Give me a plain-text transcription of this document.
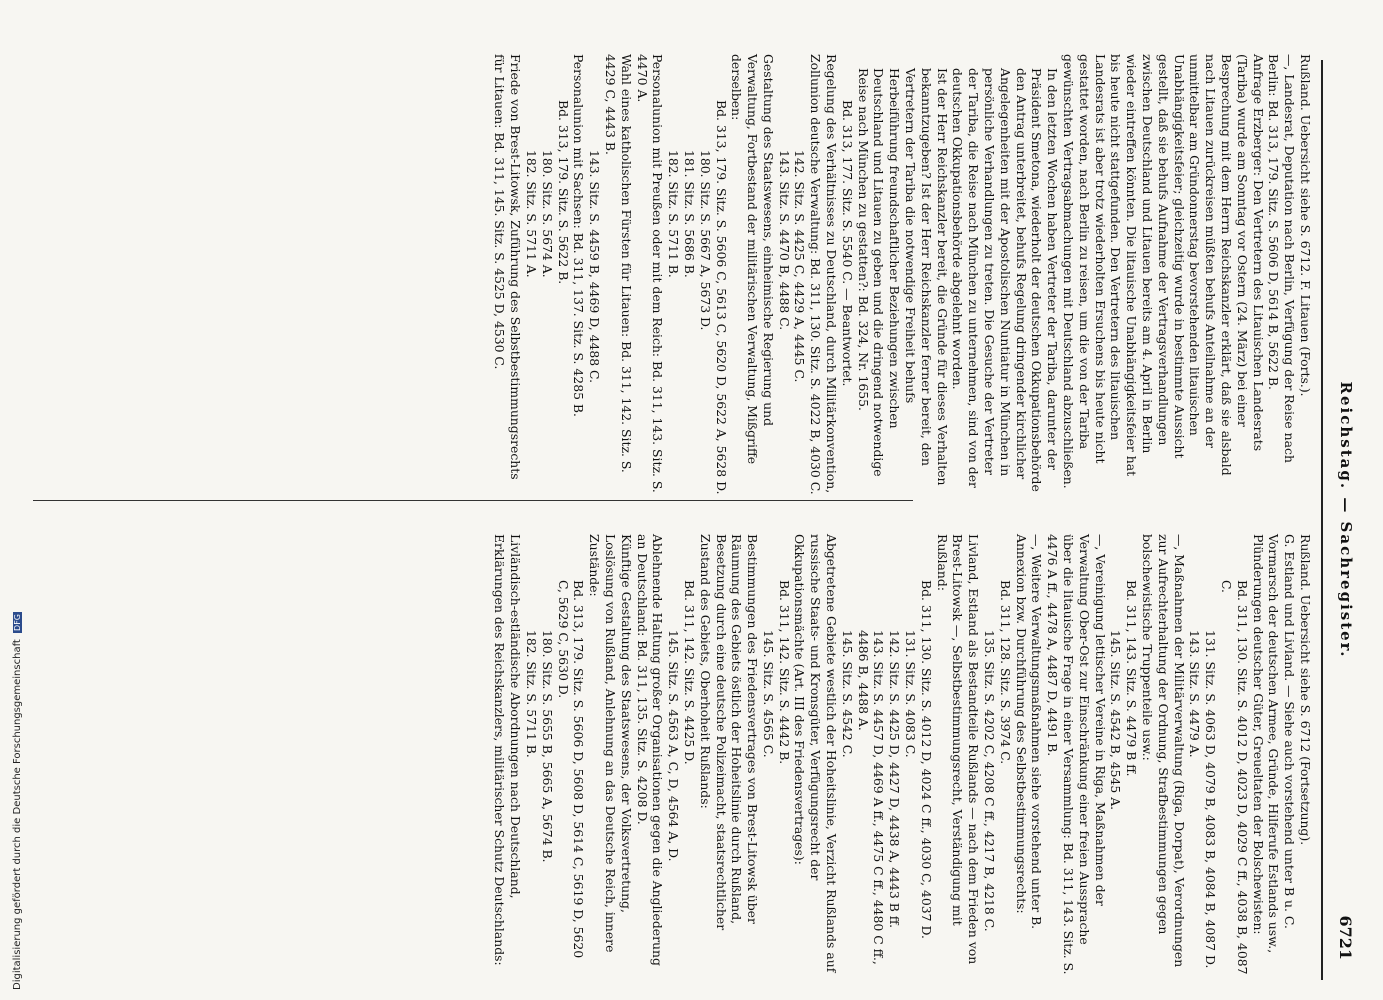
Reichstag. — Sachregister.
6721

Rußland. Uebersicht siehe S. 6712. F. Litauen (Forts.).

—, Landesrat, Deputation nach Berlin, Verfügung der Reise nach Berlin: Bd. 313, 179. Sitz. S. 5606 D, 5614 B, 5622 B.

Anfrage Erzberger: Den Vertretern des Litauischen Landesrats (Tariba) wurde am Sonntag vor Ostern (24. März) bei einer Besprechung mit dem Herrn Reichskanzler erklärt, daß sie alsbald nach Litauen zurückreisen müßten behufs Anteilnahme an der unmittelbar am Gründonnerstag bevorstehenden litauischen Unabhängigkeitsfeier; gleichzeitig wurde in bestimmte Aussicht gestellt, daß sie behufs Aufnahme der Vertragsverhandlungen zwischen Deutschland und Litauen bereits am 4. April in Berlin wieder eintreffen könnten. Die litauische Unabhängigkeitsfeier hat bis heute nicht stattgefunden. Den Vertretern des litauischen Landesrats ist aber trotz wiederholten Ersuchens bis heute nicht gestattet worden, nach Berlin zu reisen, um die von der Tariba gewünschten Vertragsabmachungen mit Deutschland abzuschließen.

In den letzten Wochen haben Vertreter der Tariba, darunter der Präsident Smetona, wiederholt der deutschen Okkupationsbehörde den Antrag unterbreitet, behufs Regelung dringender kirchlicher Angelegenheiten mit der Apostolischen Nuntiatur in München in persönliche Verhandlungen zu treten. Die Gesuche der Vertreter der Tariba, die Reise nach München zu unternehmen, sind von der deutschen Okkupationsbehörde abgelehnt worden.

Ist der Herr Reichskanzler bereit, die Gründe für dieses Verhalten bekanntzugeben? Ist der Herr Reichskanzler ferner bereit, den Vertretern der Tariba die notwendige Freiheit behufs Herbeiführung freundschaftlicher Beziehungen zwischen Deutschland und Litauen zu geben und die dringend notwendige Reise nach München zu gestatten?: Bd. 324, Nr. 1655.

Bd. 313, 177. Sitz. S. 5540 C. — Beantwortet.

Regelung des Verhältnisses zu Deutschland, durch Militärkonvention, Zollunion deutsche Verwaltung: Bd. 311, 130. Sitz. S. 4022 B, 4030 C.

142. Sitz. S. 4425 C, 4429 A, 4445 C.

143. Sitz. S. 4470 B, 4488 C.

Gestaltung des Staatswesens, einheimische Regierung und Verwaltung, Fortbestand der militärischen Verwaltung, Mißgriffe derselben:

Bd. 313, 179. Sitz. S. 5606 C, 5613 C, 5620 D, 5622 A, 5628 D.

180. Sitz. S. 5667 A, 5673 D.

181. Sitz. S. 5686 B.

182. Sitz. S. 5711 B.

Personalunion mit Preußen oder mit dem Reich: Bd. 311, 143. Sitz. S. 4470 A.

Wahl eines katholischen Fürsten für Litauen: Bd. 311, 142. Sitz. S. 4429 C, 4443 B.

143. Sitz. S. 4459 B, 4469 D, 4488 C.

Personalunion mit Sachsen: Bd. 311, 137. Sitz. S. 4285 B.

Bd. 313, 179. Sitz. S. 5622 B.

180. Sitz. S. 5674 A.

182. Sitz. S. 5711 A.

Friede von Brest-Litowsk, Zuführung des Selbstbestimmungsrechts für Litauen: Bd. 311, 145. Sitz. S. 4525 D, 4530 C.

Rußland. Uebersicht siehe S. 6712 (Fortsetzung).

G. Estland und Livland. — Siehe auch vorstehend unter B u. C.

Vormarsch der deutschen Armee, Gründe, Hilferufe Estlands usw., Plünderungen deutscher Güter, Greueltaten der Bolschewisten:

Bd. 311, 130. Sitz. S. 4012 D, 4023 D, 4029 C ff., 4038 B, 4087 C.

131. Sitz. S. 4063 D, 4079 B, 4083 B, 4084 B, 4087 D.

143. Sitz. S. 4479 A.

—, Maßnahmen der Militärverwaltung (Riga, Dorpat), Verordnungen zur Aufrechterhaltung der Ordnung, Strafbestimmungen gegen bolschewistische Truppenteile usw.:

Bd. 311, 143. Sitz. S. 4479 B ff.

145. Sitz. S. 4542 B, 4545 A.

—, Vereinigung lettischer Vereine in Riga, Maßnahmen der Verwaltung Ober-Ost zur Einschränkung einer freien Aussprache über die litauische Frage in einer Versammlung: Bd. 311, 143. Sitz. S. 4476 A ff., 4478 A, 4487 D, 4491 B.

—, Weitere Verwaltungsmaßnahmen siehe vorstehend unter B.

Annexion bzw. Durchführung des Selbstbestimmungsrechts:

Bd. 311, 128. Sitz. S. 3974 C.

135. Sitz. S. 4202 C, 4208 C ff., 4217 B, 4218 C.

Livland, Estland als Bestandteile Rußlands — nach dem Frieden von Brest-Litowsk —, Selbstbestimmungsrecht, Verständigung mit Rußland:

Bd. 311, 130. Sitz. S. 4012 D, 4024 C ff., 4030 C, 4037 D.

131. Sitz. S. 4083 C.

142. Sitz. S. 4425 D, 4427 D, 4438 A, 4443 B ff.

143. Sitz. S. 4457 D, 4469 A ff., 4475 C ff., 4480 C ff., 4486 B, 4488 A.

145. Sitz. S. 4542 C.

Abgetretene Gebiete westlich der Hoheitslinie, Verzicht Rußlands auf russische Staats- und Kronsgüter, Verfügungsrecht der Okkupationsmächte (Art. III des Friedensvertrages):

Bd. 311, 142. Sitz. S. 4442 B.

145. Sitz. S. 4565 C.

Bestimmungen des Friedensvertrages von Brest-Litowsk über Räumung des Gebiets östlich der Hoheitslinie durch Rußland, Besetzung durch eine deutsche Polizeimacht, staatsrechtlicher Zustand des Gebiets, Oberhoheit Rußlands:

Bd. 311, 142. Sitz. S. 4425 D.

145. Sitz. S. 4563 A, C, D, 4564 A, D.

Ablehnende Haltung großer Organisationen gegen die Angliederung an Deutschland: Bd. 311, 135. Sitz. S. 4208 D.

Künftige Gestaltung des Staatswesens, der Volksvertretung, Loslösung von Rußland, Anlehnung an das Deutsche Reich, innere Zustände:

Bd. 313, 179. Sitz. S. 5606 D, 5608 D, 5614 C, 5619 D, 5620 C, 5629 C, 5630 D.

180. Sitz. S. 5655 B, 5665 A, 5674 B.

182. Sitz. S. 5711 B.

Livländisch-estländische Abordnungen nach Deutschland, Erklärungen des Reichskanzlers, militärischer Schutz Deutschlands:

Digitalisierung gefördert durch die Deutsche Forschungsgemeinschaft DFG
